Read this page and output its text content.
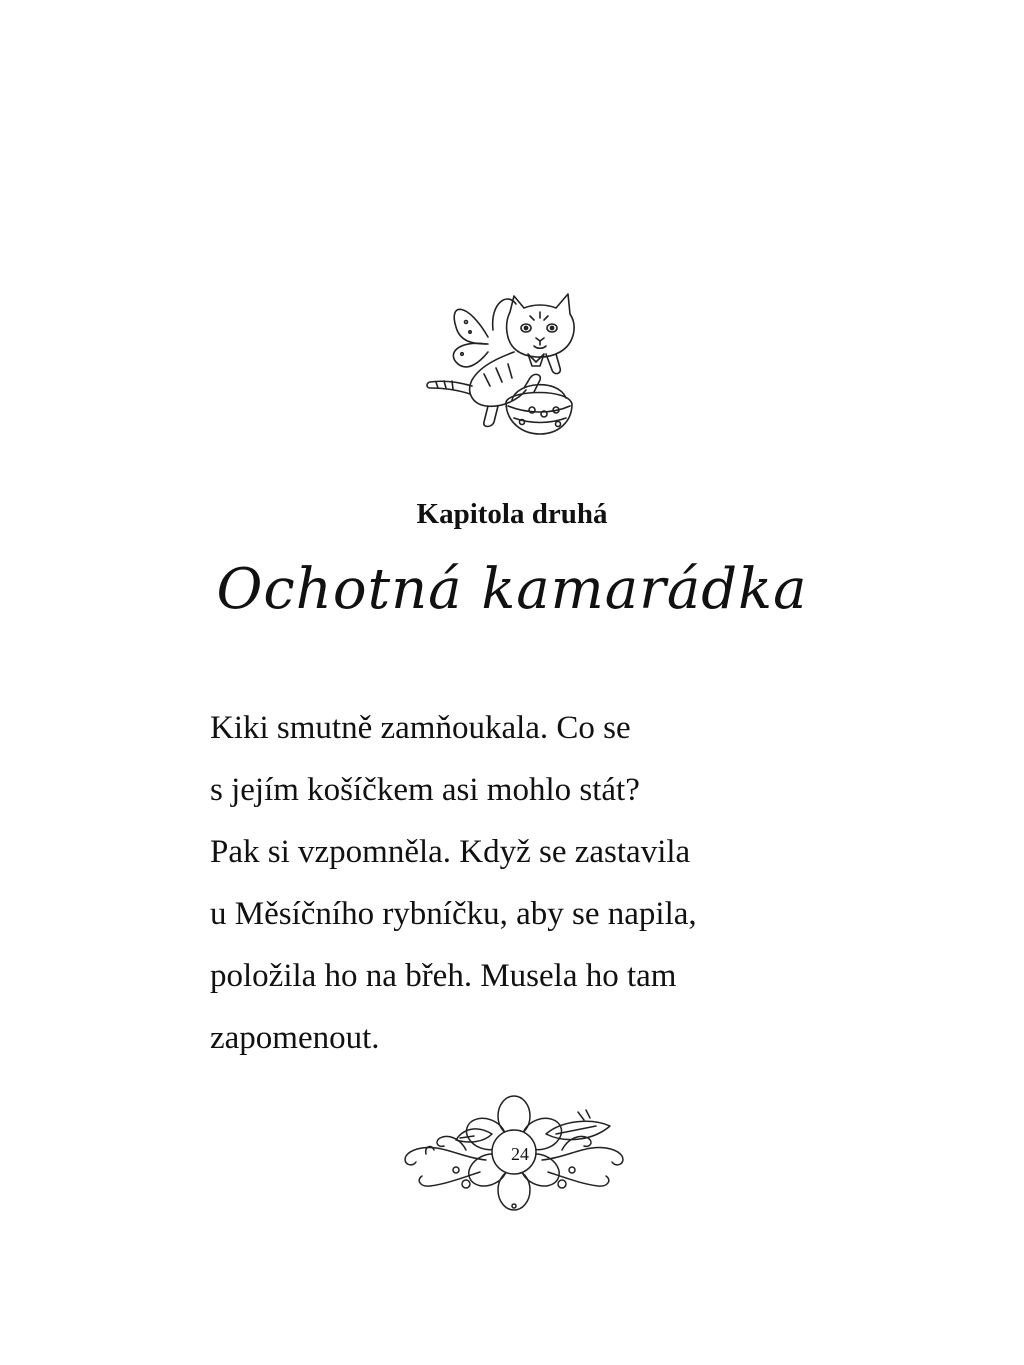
Kapitola druhá
Ochotná kamarádka
Kiki smutně zamňoukala. Co se
s jejím košíčkem asi mohlo stát?
Pak si vzpomněla. Když se zastavila
u Měsíčního rybníčku, aby se napila,
položila ho na břeh. Musela ho tam
zapomenout.
24
